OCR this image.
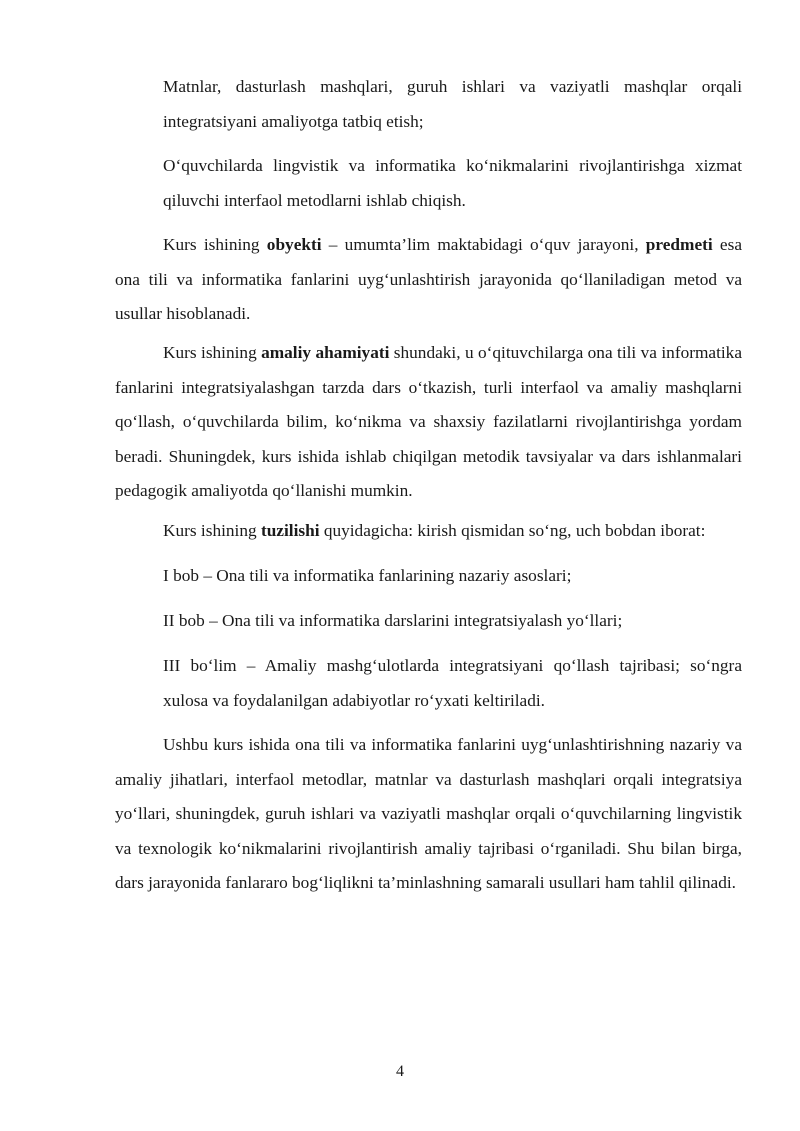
Matnlar, dasturlash mashqlari, guruh ishlari va vaziyatli mashqlar orqali integratsiyani amaliyotga tatbiq etish;

O‘quvchilarda lingvistik va informatika ko‘nikmalarini rivojlantirishga xizmat qiluvchi interfaol metodlarni ishlab chiqish.

Kurs ishining obyekti – umumta’lim maktabidagi o‘quv jarayoni, predmeti esa ona tili va informatika fanlarini uyg‘unlashtirish jarayonida qo‘llaniladigan metod va usullar hisoblanadi.

Kurs ishining amaliy ahamiyati shundaki, u o‘qituvchilarga ona tili va informatika fanlarini integratsiyalashgan tarzda dars o‘tkazish, turli interfaol va amaliy mashqlarni qo‘llash, o‘quvchilarda bilim, ko‘nikma va shaxsiy fazilatlarni rivojlantirishga yordam beradi. Shuningdek, kurs ishida ishlab chiqilgan metodik tavsiyalar va dars ishlanmalari pedagogik amaliyotda qo‘llanishi mumkin.

Kurs ishining tuzilishi quyidagicha: kirish qismidan so‘ng, uch bobdan iborat:

I bob – Ona tili va informatika fanlarining nazariy asoslari;

II bob – Ona tili va informatika darslarini integratsiyalash yo‘llari;

III bo‘lim – Amaliy mashg‘ulotlarda integratsiyani qo‘llash tajribasi; so‘ngra xulosa va foydalanilgan adabiyotlar ro‘yxati keltiriladi.

Ushbu kurs ishida ona tili va informatika fanlarini uyg‘unlashtirishning nazariy va amaliy jihatlari, interfaol metodlar, matnlar va dasturlash mashqlari orqali integratsiya yo‘llari, shuningdek, guruh ishlari va vaziyatli mashqlar orqali o‘quvchilarning lingvistik va texnologik ko‘nikmalarini rivojlantirish amaliy tajribasi o‘rganiladi. Shu bilan birga, dars jarayonida fanlararo bog‘liqlikni ta’minlashning samarali usullari ham tahlil qilinadi.

4
